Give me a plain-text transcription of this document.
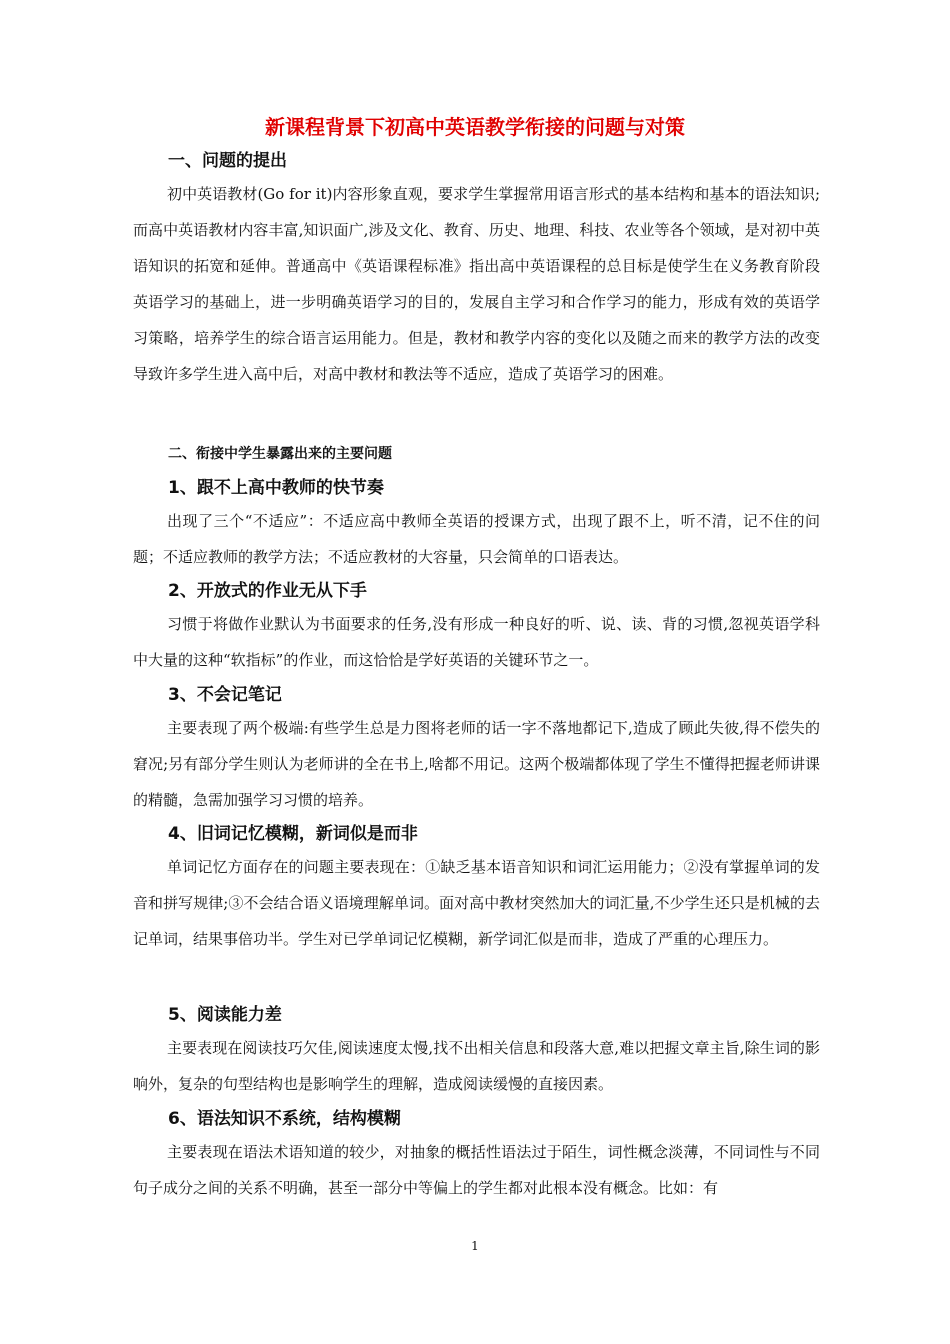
新课程背景下初高中英语教学衔接的问题与对策
一、问题的提出

初中英语教材(Go for it)内容形象直观，要求学生掌握常用语言形式的基本结构和基本的语法知识;而高中英语教材内容丰富,知识面广,涉及文化、教育、历史、地理、科技、农业等各个领域，是对初中英语知识的拓宽和延伸。普通高中《英语课程标准》指出高中英语课程的总目标是使学生在义务教育阶段英语学习的基础上，进一步明确英语学习的目的，发展自主学习和合作学习的能力，形成有效的英语学习策略，培养学生的综合语言运用能力。但是，教材和教学内容的变化以及随之而来的教学方法的改变导致许多学生进入高中后，对高中教材和教法等不适应，造成了英语学习的困难。

二、衔接中学生暴露出来的主要问题
1、跟不上高中教师的快节奏

出现了三个“不适应”：不适应高中教师全英语的授课方式，出现了跟不上，听不清，记不住的问题；不适应教师的教学方法；不适应教材的大容量，只会简单的口语表达。

2、开放式的作业无从下手

习惯于将做作业默认为书面要求的任务,没有形成一种良好的听、说、读、背的习惯,忽视英语学科中大量的这种“软指标”的作业，而这恰恰是学好英语的关键环节之一。

3、不会记笔记

主要表现了两个极端:有些学生总是力图将老师的话一字不落地都记下,造成了顾此失彼,得不偿失的窘况;另有部分学生则认为老师讲的全在书上,啥都不用记。这两个极端都体现了学生不懂得把握老师讲课的精髓，急需加强学习习惯的培养。

4、旧词记忆模糊，新词似是而非

单词记忆方面存在的问题主要表现在：①缺乏基本语音知识和词汇运用能力；②没有掌握单词的发音和拼写规律;③不会结合语义语境理解单词。面对高中教材突然加大的词汇量,不少学生还只是机械的去记单词，结果事倍功半。学生对已学单词记忆模糊，新学词汇似是而非，造成了严重的心理压力。

5、阅读能力差

主要表现在阅读技巧欠佳,阅读速度太慢,找不出相关信息和段落大意,难以把握文章主旨,除生词的影响外，复杂的句型结构也是影响学生的理解，造成阅读缓慢的直接因素。

6、语法知识不系统，结构模糊

主要表现在语法术语知道的较少，对抽象的概括性语法过于陌生，词性概念淡薄，不同词性与不同句子成分之间的关系不明确，甚至一部分中等偏上的学生都对此根本没有概念。比如：有

1
